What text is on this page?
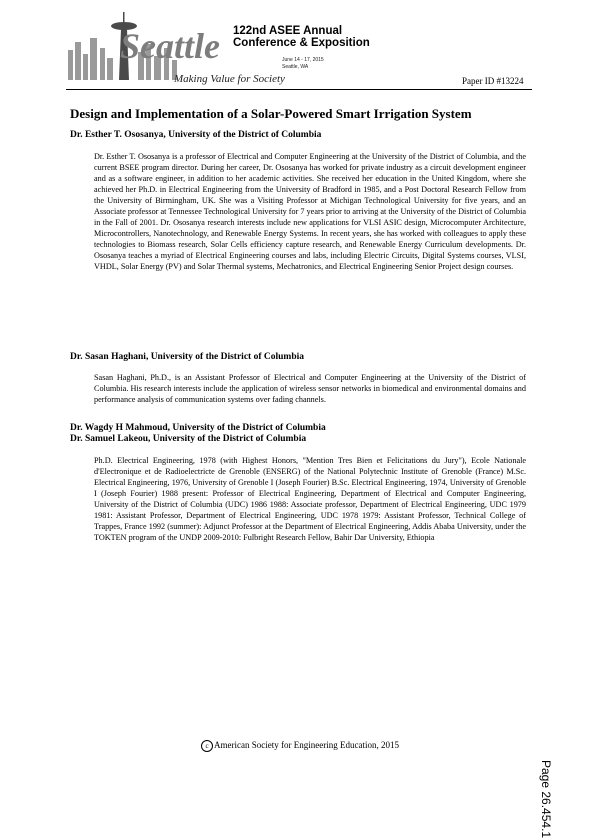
Seattle
Making Value for Society
122nd ASEE Annual
Conference & Exposition
June 14 - 17, 2015
Seattle, WA
Paper ID #13224
Design and Implementation of a Solar-Powered Smart Irrigation System
Dr. Esther T. Ososanya, University of the District of Columbia
Dr. Esther T. Ososanya is a professor of Electrical and Computer Engineering at the University of the District of Columbia, and the current BSEE program director. During her career, Dr. Ososanya has worked for private industry as a circuit development engineer and as a software engineer, in addition to her academic activities. She received her education in the United Kingdom, where she achieved her Ph.D. in Electrical Engineering from the University of Bradford in 1985, and a Post Doctoral Research Fellow from the University of Birmingham, UK. She was a Visiting Professor at Michigan Technological University for five years, and an Associate professor at Tennessee Technological University for 7 years prior to arriving at the University of the District of Columbia in the Fall of 2001. Dr. Ososanya research interests include new applications for VLSI ASIC design, Microcomputer Architecture, Microcontrollers, Nanotechnology, and Renewable Energy Systems. In recent years, she has worked with colleagues to apply these technologies to Biomass research, Solar Cells efficiency capture research, and Renewable Energy Curriculum developments. Dr. Ososanya teaches a myriad of Electrical Engineering courses and labs, including Electric Circuits, Digital Systems courses, VLSI, VHDL, Solar Energy (PV) and Solar Thermal systems, Mechatronics, and Electrical Engineering Senior Project design courses.
Dr. Sasan Haghani, University of the District of Columbia
Sasan Haghani, Ph.D., is an Assistant Professor of Electrical and Computer Engineering at the University of the District of Columbia. His research interests include the application of wireless sensor networks in biomedical and environmental domains and performance analysis of communication systems over fading channels.
Dr. Wagdy H Mahmoud, University of the District of Columbia
Dr. Samuel Lakeou, University of the District of Columbia
Ph.D. Electrical Engineering, 1978 (with Highest Honors, "Mention Tres Bien et Felicitations du Jury"), Ecole Nationale d'Electronique et de Radioelectricte de Grenoble (ENSERG) of the National Polytechnic Institute of Grenoble (France) M.Sc. Electrical Engineering, 1976, University of Grenoble I (Joseph Fourier) B.Sc. Electrical Engineering, 1974, University of Grenoble I (Joseph Fourier) 1988 present: Professor of Electrical Engineering, Department of Electrical and Computer Engineering, University of the District of Columbia (UDC) 1986 1988: Associate professor, Department of Electrical Engineering, UDC 1979 1981: Assistant Professor, Department of Electrical Engineering, UDC 1978 1979: Assistant Professor, Technical College of Trappes, France 1992 (summer): Adjunct Professor at the Department of Electrical Engineering, Addis Ababa University, under the TOKTEN program of the UNDP 2009-2010: Fulbright Research Fellow, Bahir Dar University, Ethiopia
Page 26.454.1
c American Society for Engineering Education, 2015
